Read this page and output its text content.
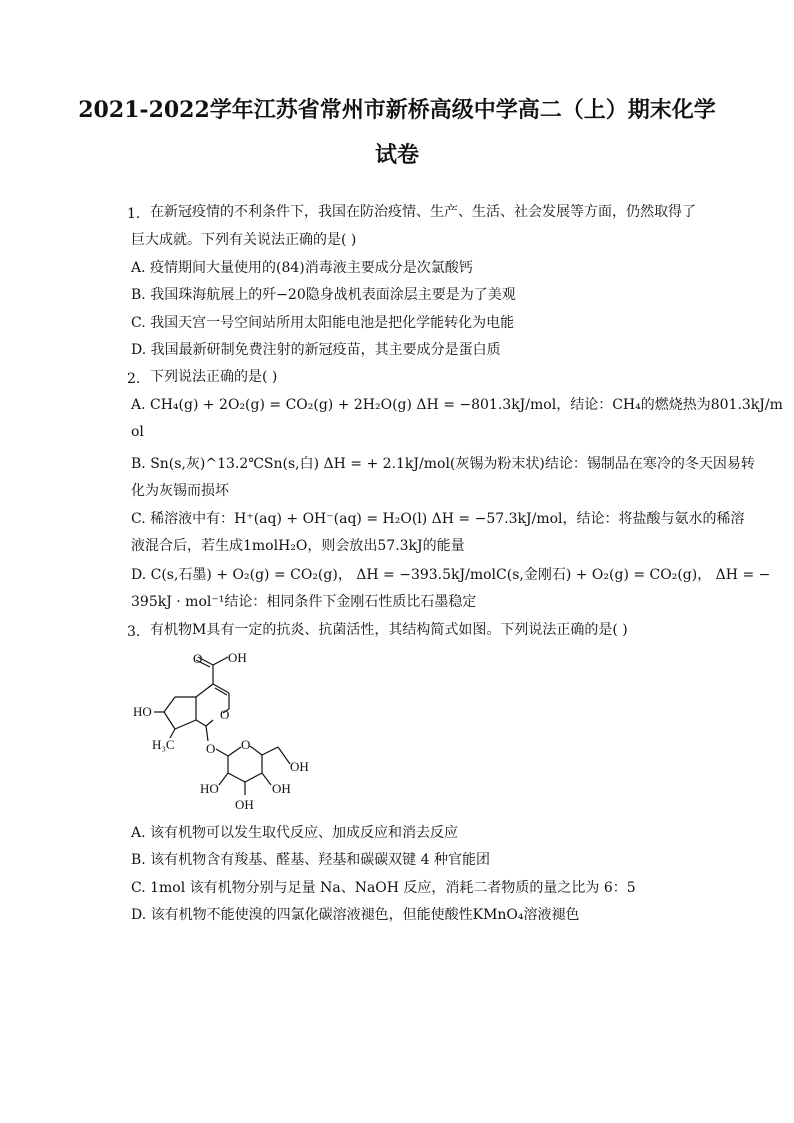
2021-2022学年江苏省常州市新桥高级中学高二（上）期末化学
试卷
1. 在新冠疫情的不利条件下，我国在防治疫情、生产、生活、社会发展等方面，仍然取得了
巨大成就。下列有关说法正确的是( )
A. 疫情期间大量使用的(84)消毒液主要成分是次氯酸钙
B. 我国珠海航展上的歼−20隐身战机表面涂层主要是为了美观
C. 我国天宫一号空间站所用太阳能电池是把化学能转化为电能
D. 我国最新研制免费注射的新冠疫苗，其主要成分是蛋白质
2. 下列说法正确的是( )
A. CH₄(g) + 2O₂(g) = CO₂(g) + 2H₂O(g) ΔH = −801.3kJ/mol，结论：CH₄的燃烧热为801.3kJ/m
ol
B. Sn(s,灰)^13.2℃Sn(s,白) ΔH = + 2.1kJ/mol(灰锡为粉末状)结论：锡制品在寒冷的冬天因易转
化为灰锡而损坏
C. 稀溶液中有：H⁺(aq) + OH⁻(aq) = H₂O(l) ΔH = −57.3kJ/mol，结论：将盐酸与氨水的稀溶
液混合后，若生成1molH₂O，则会放出57.3kJ的能量
D. C(s,石墨) + O₂(g) = CO₂(g)， ΔH = −393.5kJ/molC(s,金刚石) + O₂(g) = CO₂(g)， ΔH = −
395kJ · mol⁻¹结论：相同条件下金刚石性质比石墨稳定
3. 有机物M具有一定的抗炎、抗菌活性，其结构简式如图。下列说法正确的是( )
O OH
HO
H₃C
O
O O
OH
HO	OH
OH
A. 该有机物可以发生取代反应、加成反应和消去反应
B. 该有机物含有羧基、醛基、羟基和碳碳双键 4 种官能团
C. 1mol 该有机物分别与足量 Na、NaOH 反应，消耗二者物质的量之比为 6：5
D. 该有机物不能使溴的四氯化碳溶液褪色，但能使酸性KMnO₄溶液褪色
